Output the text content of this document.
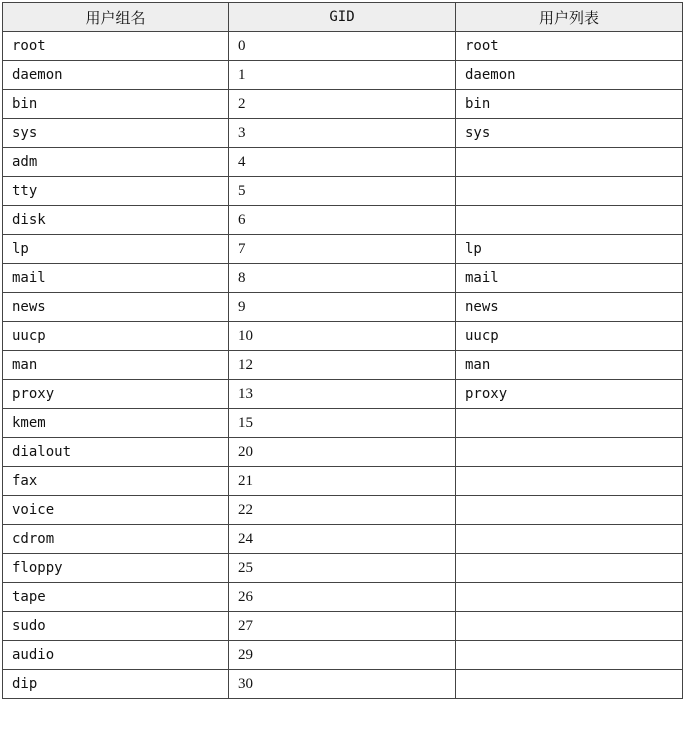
用户组名	GID	用户列表
root	0	root
daemon	1	daemon
bin	2	bin
sys	3	sys
adm	4	
tty	5	
disk	6	
lp	7	lp
mail	8	mail
news	9	news
uucp	10	uucp
man	12	man
proxy	13	proxy
kmem	15	
dialout	20	
fax	21	
voice	22	
cdrom	24	
floppy	25	
tape	26	
sudo	27	
audio	29	
dip	30	
